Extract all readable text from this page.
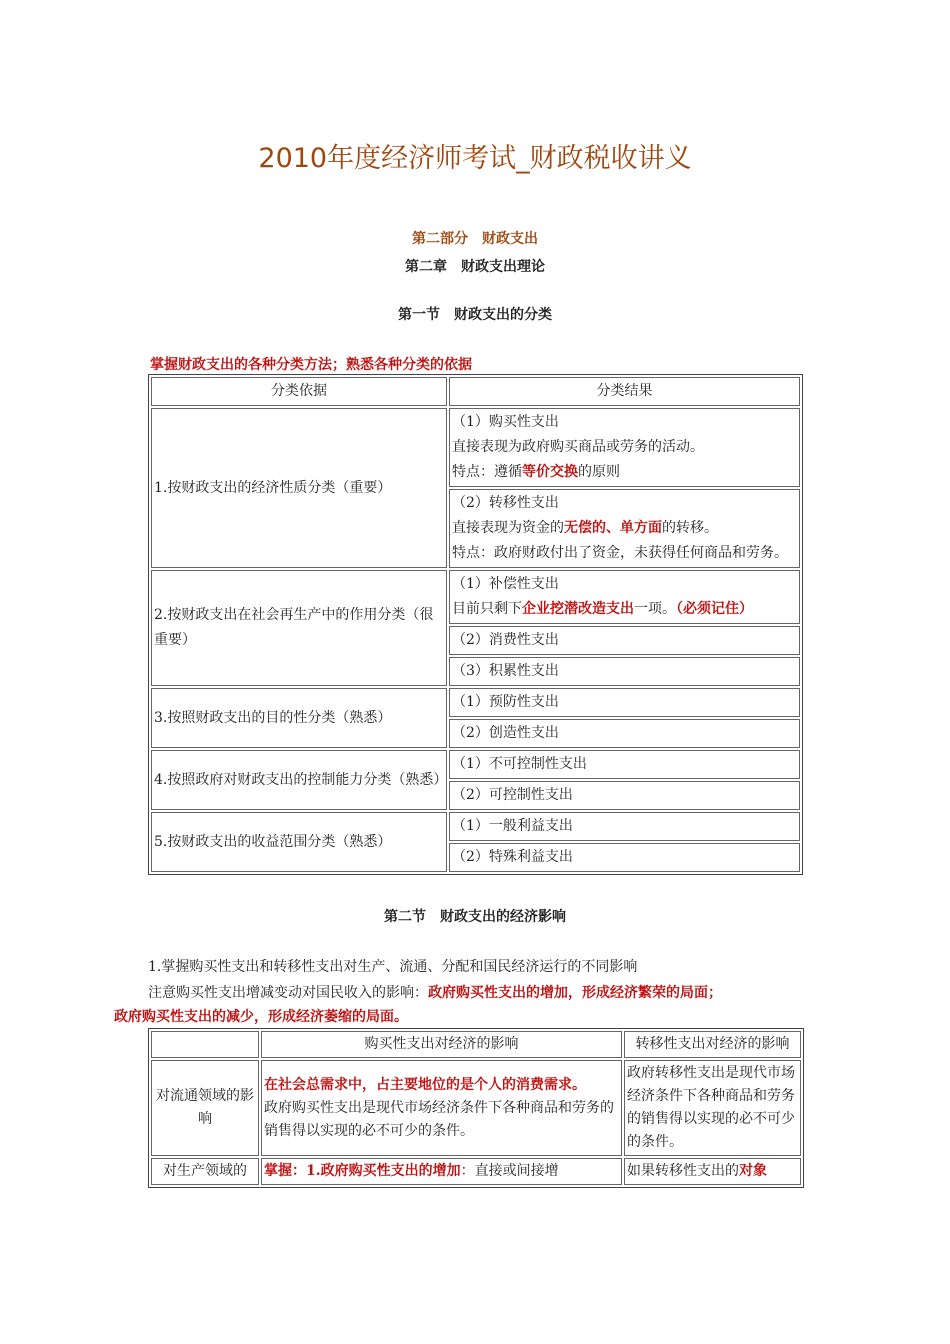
2010年度经济师考试_财政税收讲义
第二部分　财政支出
第二章　财政支出理论
第一节　财政支出的分类
掌握财政支出的各种分类方法；熟悉各种分类的依据
分类依据	分类结果
1.按财政支出的经济性质分类（重要）	（1）购买性支出
直接表现为政府购买商品或劳务的活动。
特点：遵循等价交换的原则

	（2）转移性支出
直接表现为资金的无偿的、单方面的转移。
特点：政府财政付出了资金，未获得任何商品和劳务。

2.按财政支出在社会再生产中的作用分类（很重要）	（1）补偿性支出
目前只剩下企业挖潜改造支出一项。（必须记住）

	（2）消费性支出
	（3）积累性支出
3.按照财政支出的目的性分类（熟悉）	（1）预防性支出
	（2）创造性支出
4.按照政府对财政支出的控制能力分类（熟悉）	（1）不可控制性支出
	（2）可控制性支出
5.按财政支出的收益范围分类（熟悉）	（1）一般利益支出
	（2）特殊利益支出
第二节　财政支出的经济影响
1.掌握购买性支出和转移性支出对生产、流通、分配和国民经济运行的不同影响
注意购买性支出增减变动对国民收入的影响：政府购买性支出的增加，形成经济繁荣的局面；
政府购买性支出的减少，形成经济萎缩的局面。
	购买性支出对经济的影响	转移性支出对经济的影响
对流通领域的影响	在社会总需求中，占主要地位的是个人的消费需求。
政府购买性支出是现代市场经济条件下各种商品和劳务的销售得以实现的必不可少的条件。	政府转移性支出是现代市场经济条件下各种商品和劳务的销售得以实现的必不可少的条件。
对生产领域的	掌握：1.政府购买性支出的增加：直接或间接增	如果转移性支出的对象
